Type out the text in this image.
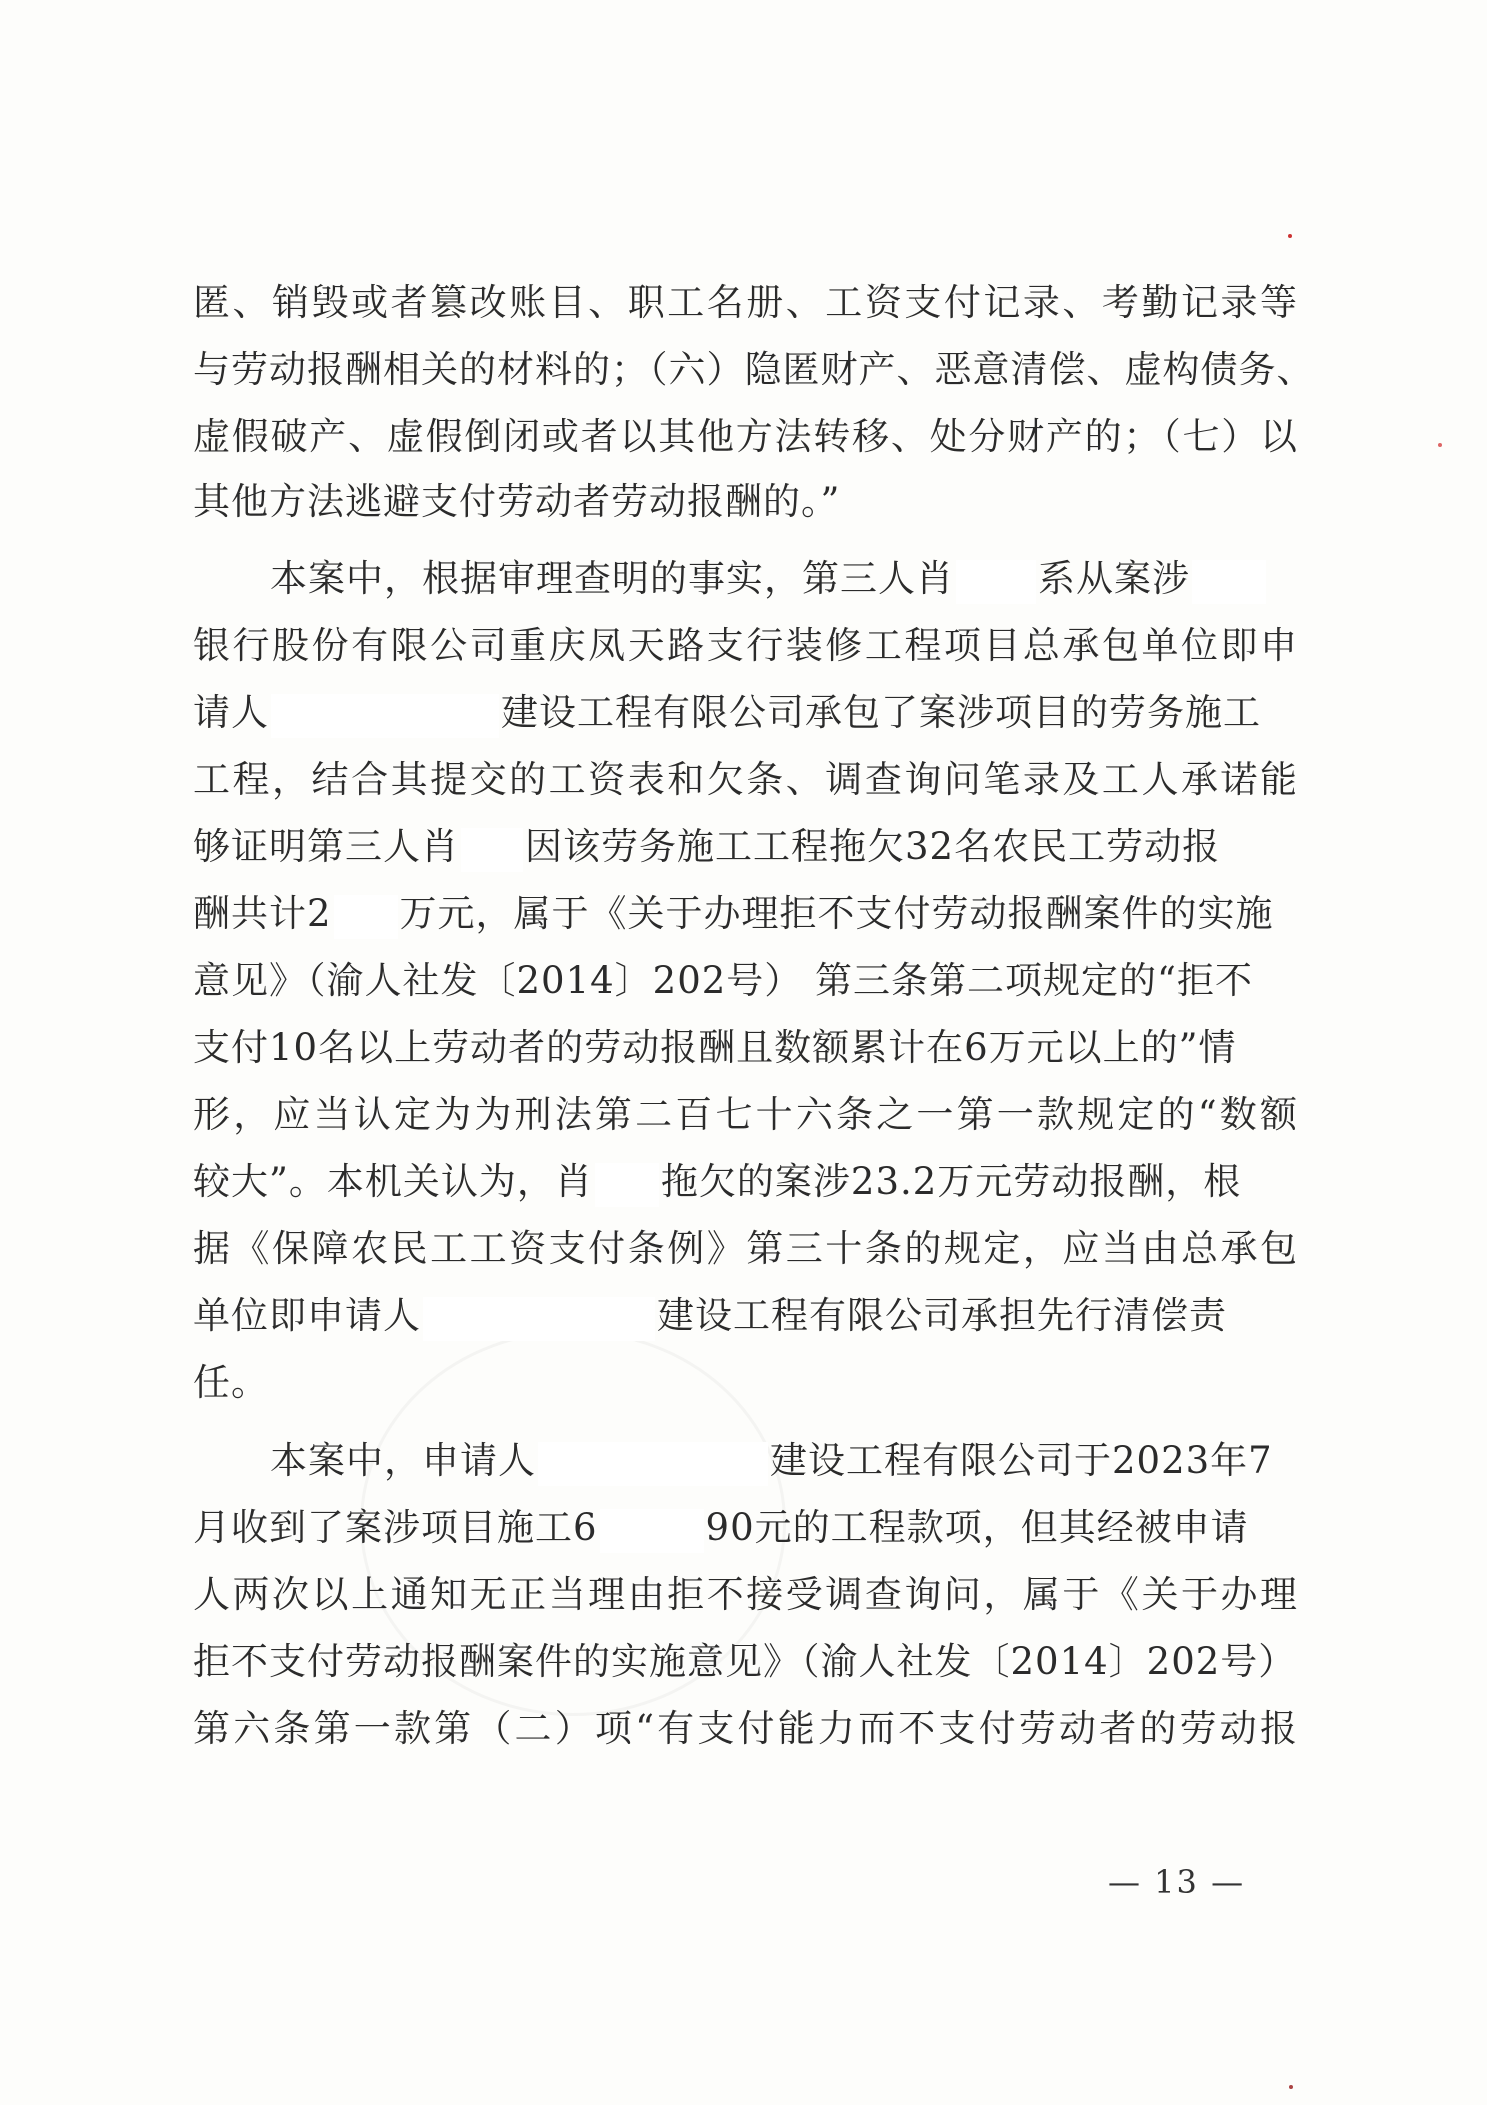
匿、销毁或者篡改账目、职工名册、工资支付记录、考勤记录等
与劳动报酬相关的材料的；（六）隐匿财产、恶意清偿、虚构债务、
虚假破产、虚假倒闭或者以其他方法转移、处分财产的；（七）以
其他方法逃避支付劳动者劳动报酬的。”
本案中，根据审理查明的事实，第三人肖 系从案涉
银行股份有限公司重庆凤天路支行装修工程项目总承包单位即申
请人	建设工程有限公司承包了案涉项目的劳务施工
工程，结合其提交的工资表和欠条、调查询问笔录及工人承诺能
够证明第三人肖 因该劳务施工工程拖欠32名农民工劳动报
酬共计2 万元，属于《关于办理拒不支付劳动报酬案件的实施
意见》（渝人社发〔2014〕202号） 第三条第二项规定的“拒不
支付10名以上劳动者的劳动报酬且数额累计在6万元以上的”情
形，应当认定为为刑法第二百七十六条之一第一款规定的“数额
较大”。本机关认为，肖 拖欠的案涉23.2万元劳动报酬，根
据《保障农民工工资支付条例》第三十条的规定，应当由总承包
单位即申请人	建设工程有限公司承担先行清偿责
任。
本案中，申请人	建设工程有限公司于2023年7
月收到了案涉项目施工6	90元的工程款项，但其经被申请
人两次以上通知无正当理由拒不接受调查询问，属于《关于办理
拒不支付劳动报酬案件的实施意见》（渝人社发〔2014〕202号）
第六条第一款第（二）项“有支付能力而不支付劳动者的劳动报
— 13 —
